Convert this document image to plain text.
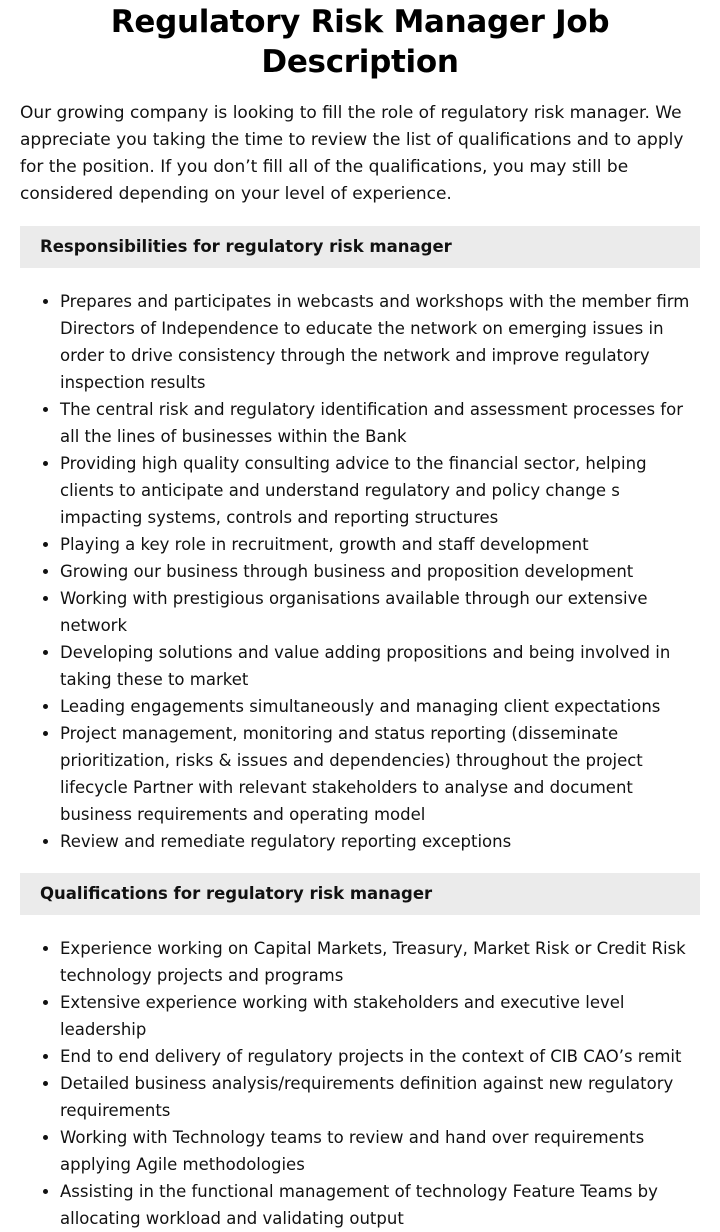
Regulatory Risk Manager Job Description

Our growing company is looking to fill the role of regulatory risk manager. We appreciate you taking the time to review the list of qualifications and to apply for the position. If you don’t fill all of the qualifications, you may still be considered depending on your level of experience.

Responsibilities for regulatory risk manager
Prepares and participates in webcasts and workshops with the member firm Directors of Independence to educate the network on emerging issues in order to drive consistency through the network and improve regulatory inspection results
The central risk and regulatory identification and assessment processes for all the lines of businesses within the Bank
Providing high quality consulting advice to the financial sector, helping clients to anticipate and understand regulatory and policy change s impacting systems, controls and reporting structures
Playing a key role in recruitment, growth and staff development
Growing our business through business and proposition development
Working with prestigious organisations available through our extensive network
Developing solutions and value adding propositions and being involved in taking these to market
Leading engagements simultaneously and managing client expectations
Project management, monitoring and status reporting (disseminate prioritization, risks & issues and dependencies) throughout the project lifecycle Partner with relevant stakeholders to analyse and document business requirements and operating model
Review and remediate regulatory reporting exceptions
Qualifications for regulatory risk manager
Experience working on Capital Markets, Treasury, Market Risk or Credit Risk technology projects and programs
Extensive experience working with stakeholders and executive level leadership
End to end delivery of regulatory projects in the context of CIB CAO’s remit
Detailed business analysis/requirements definition against new regulatory requirements
Working with Technology teams to review and hand over requirements applying Agile methodologies
Assisting in the functional management of technology Feature Teams by allocating workload and validating output
